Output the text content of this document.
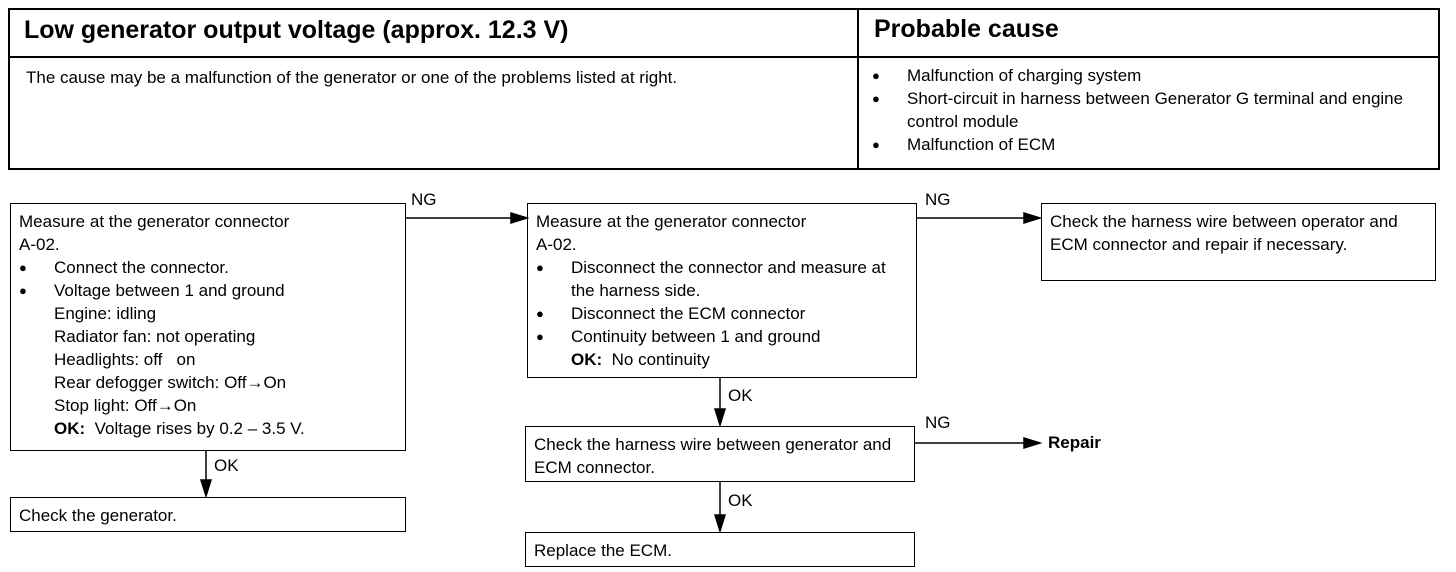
Low generator output voltage (approx. 12.3 V)	Probable cause
The cause may be a malfunction of the generator or one of the problems listed at right.
●	Malfunction of charging system
● Short-circuit in harness between Generator G terminal and engine control module
● Malfunction of ECM
Measure at the generator connector
A-02.
● Connect the connector.
● Voltage between 1 and ground
Engine: idling
Radiator fan: not operating
Headlights: off   on
Rear defogger switch: Off→On
Stop light: Off→On
OK: Voltage rises by 0.2 – 3.5 V.
Measure at the generator connector
A-02.
● Disconnect the connector and measure at the harness side.
● Disconnect the ECM connector
● Continuity between 1 and ground
OK: No continuity
Check the harness wire between operator and ECM connector and repair if necessary.
Check the harness wire between generator and ECM connector.
Check the generator.
Replace the ECM.
Repair
NG	NG
NG
OK
OK
OK
